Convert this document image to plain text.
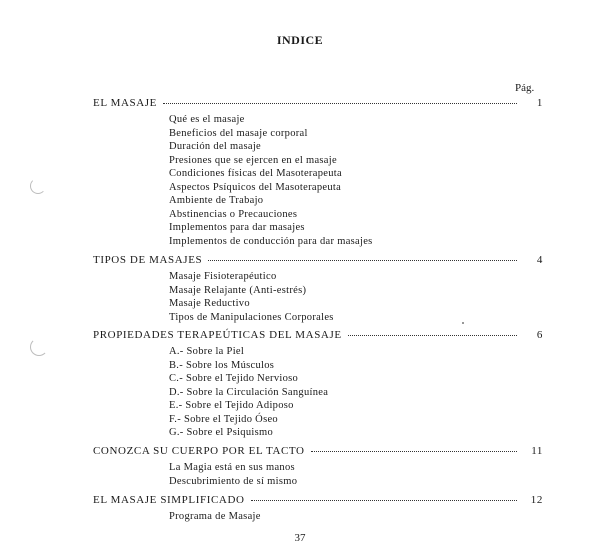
INDICE
Pág.
EL MASAJE	1
Qué es el masaje
Beneficios del masaje corporal
Duración del masaje
Presiones que se ejercen en el masaje
Condiciones físicas del Masoterapeuta
Aspectos Psíquicos del Masoterapeuta
Ambiente de Trabajo
Abstinencias o Precauciones
Implementos para dar masajes
Implementos de conducción para dar masajes
TIPOS DE MASAJES	4
Masaje Fisioterapéutico
Masaje Relajante (Anti-estrés)
Masaje Reductivo
Tipos de Manipulaciones Corporales
PROPIEDADES TERAPEÚTICAS DEL MASAJE	6
A.- Sobre la Piel
B.- Sobre los Músculos
C.- Sobre el Tejido Nervioso
D.- Sobre la Circulación Sanguínea
E.- Sobre el Tejido Adiposo
F.- Sobre el Tejido Óseo
G.- Sobre el Psiquismo
CONOZCA SU CUERPO POR EL TACTO	11
La Magia está en sus manos
Descubrimiento de sí mismo
EL MASAJE SIMPLIFICADO	12
Programa de Masaje
37
